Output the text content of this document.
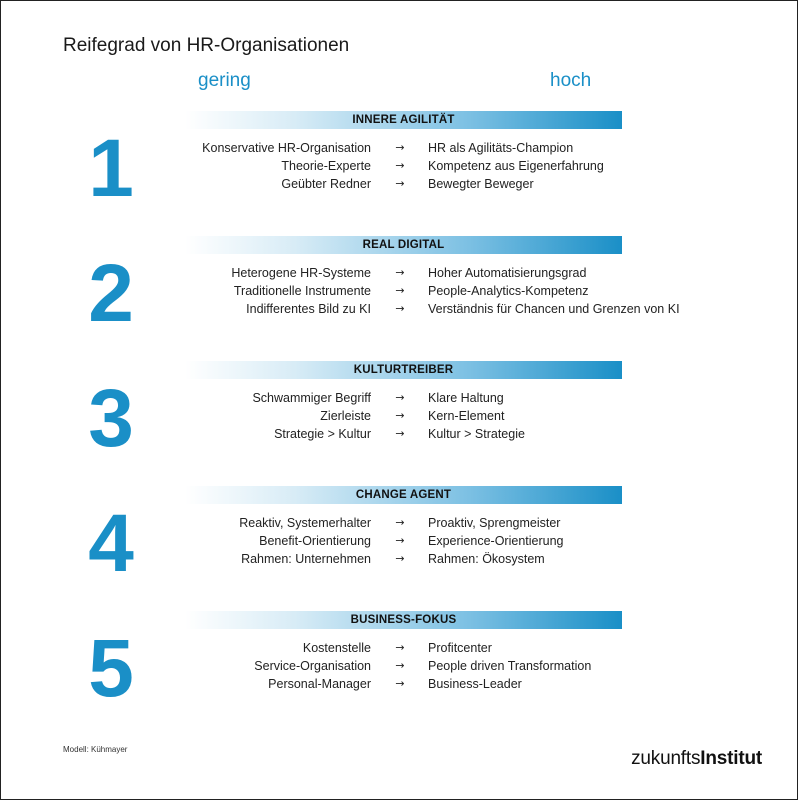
Reifegrad von HR-Organisationen
gering	hoch
1
INNERE AGILITÄT
Konservative HR-Organisation → HR als Agilitäts-Champion
Theorie-Experte → Kompetenz aus Eigenerfahrung
Geübter Redner → Bewegter Beweger
2
REAL DIGITAL
Heterogene HR-Systeme → Hoher Automatisierungsgrad
Traditionelle Instrumente → People-Analytics-Kompetenz
Indifferentes Bild zu KI → Verständnis für Chancen und Grenzen von KI
3
KULTURTREIBER
Schwammiger Begriff → Klare Haltung
Zierleiste → Kern-Element
Strategie > Kultur → Kultur > Strategie
4
CHANGE AGENT
Reaktiv, Systemerhalter → Proaktiv, Sprengmeister
Benefit-Orientierung → Experience-Orientierung
Rahmen: Unternehmen → Rahmen: Ökosystem
5
BUSINESS-FOKUS
Kostenstelle → Profitcenter
Service-Organisation → People driven Transformation
Personal-Manager → Business-Leader
Modell: Kühmayer	zukunftsInstitut
